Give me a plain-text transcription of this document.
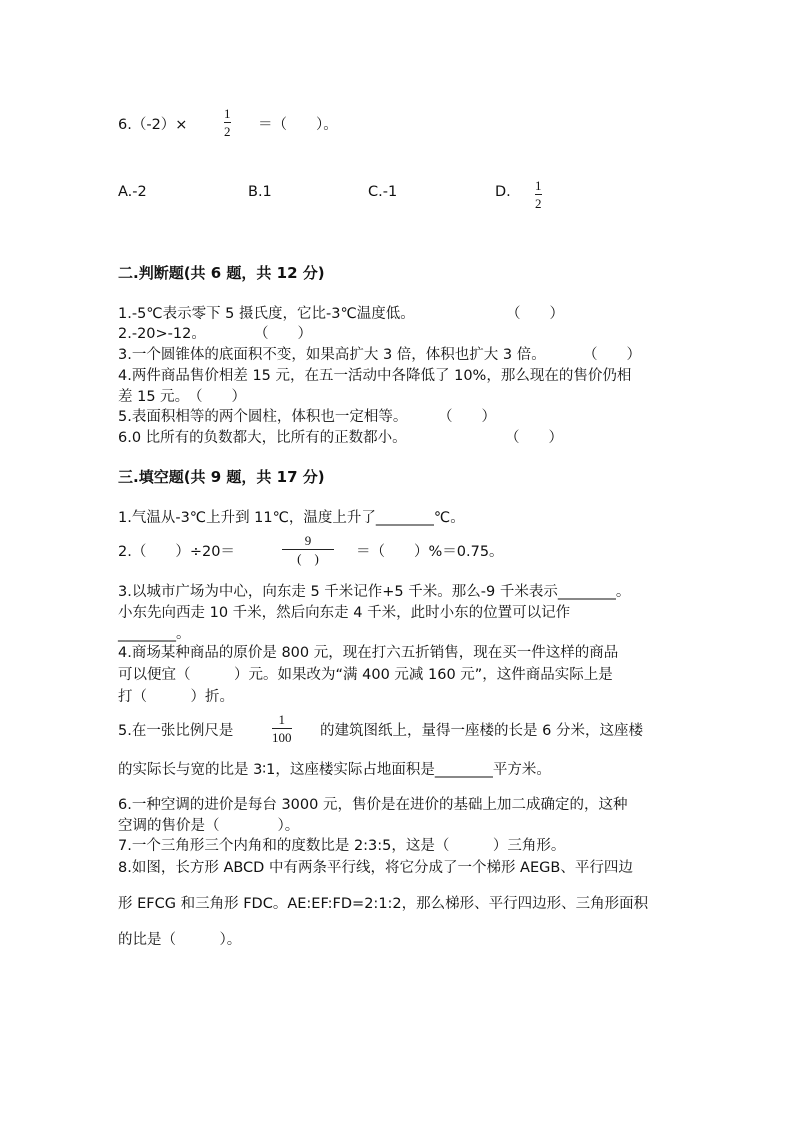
6.（-2）×
1
2 ＝（　　）。
A.-2	B.1	C.-1	D. 1
2
二.判断题(共 6 题，共 12 分)
1.-5℃表示零下 5 摄氏度，它比-3℃温度低。	（　　）
2.-20>-12。	（　　）
3.一个圆锥体的底面积不变，如果高扩大 3 倍，体积也扩大 3 倍。	（　　）
4.两件商品售价相差 15 元，在五一活动中各降低了 10%，那么现在的售价仍相
差 15 元。
（　　）
5.表面积相等的两个圆柱，体积也一定相等。 （　　）
6.0 比所有的负数都大，比所有的正数都小。	（　　）
三.填空题(共 9 题，共 17 分)
1.气温从-3℃上升到 11℃，温度上升了________℃。
2.（　　）÷20＝
9
(　)	＝（　　）%＝0.75。
3.以城市广场为中心，向东走 5 千米记作+5 千米。那么-9 千米表示________。
小东先向西走 10 千米，然后向东走 4 千米，此时小东的位置可以记作
________。
4.商场某种商品的原价是 800 元，现在打六五折销售，现在买一件这样的商品
可以便宜（　　　）元。如果改为“满 400 元减 160 元”，这件商品实际上是
打（　　　）折。
5.在一张比例尺是
1
100 的建筑图纸上，量得一座楼的长是 6 分米，这座楼
的实际长与宽的比是 3∶1，这座楼实际占地面积是________平方米。
6.一种空调的进价是每台 3000 元，售价是在进价的基础上加二成确定的，这种
空调的售价是（　　　　）。
7.一个三角形三个内角和的度数比是 2:3:5，这是（　　　）三角形。
8.如图，长方形 ABCD 中有两条平行线，将它分成了一个梯形 AEGB、平行四边
形 EFCG 和三角形 FDC。AE:EF:FD=2:1:2，那么梯形、平行四边形、三角形面积
的比是（　　　）。
